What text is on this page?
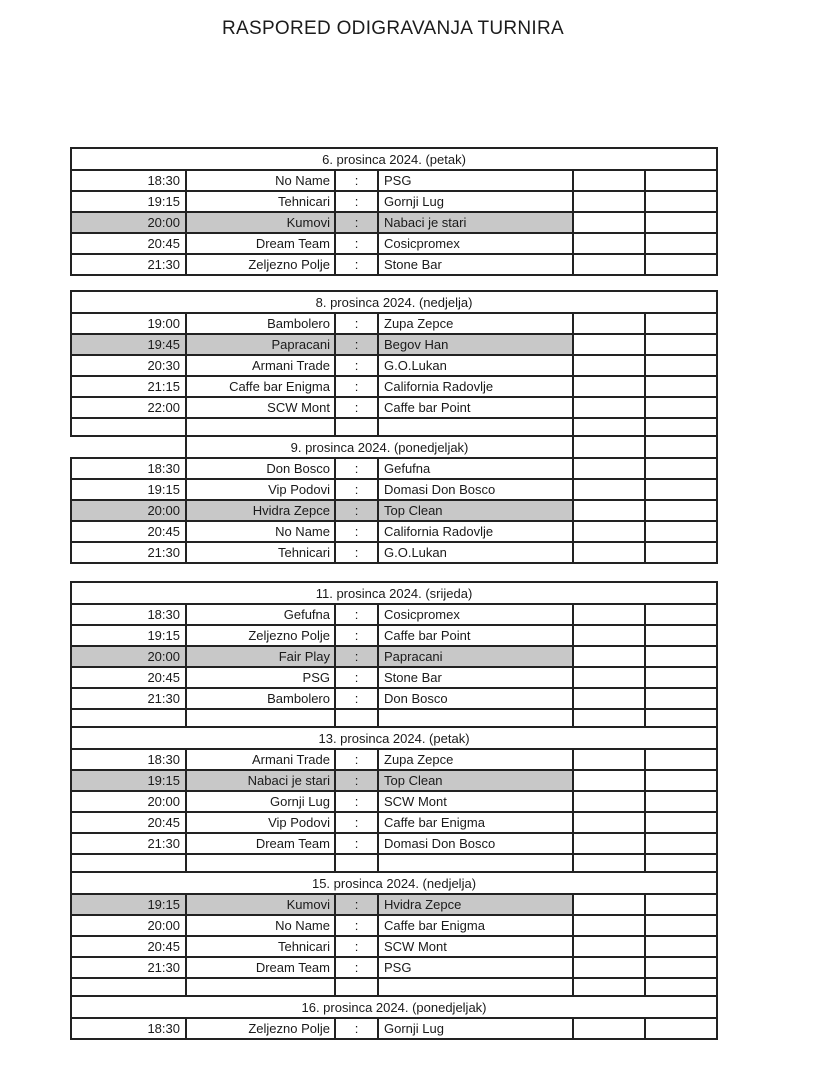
RASPORED ODIGRAVANJA TURNIRA
6. prosinca 2024. (petak)					
18:30	No Name	:	PSG		
19:15	Tehnicari	:	Gornji Lug		
20:00	Kumovi	:	Nabaci je stari		
20:45	Dream Team	:	Cosicpromex		
21:30	Zeljezno Polje	:	Stone Bar		
8. prosinca 2024. (nedjelja)					
19:00	Bambolero	:	Zupa Zepce		
19:45	Papracani	:	Begov Han		
20:30	Armani Trade	:	G.O.Lukan		
21:15	Caffe bar Enigma	:	California Radovlje		
22:00	SCW Mont	:	Caffe bar Point		

	9. prosinca 2024. (ponedjeljak)				
18:30	Don Bosco	:	Gefufna		
19:15	Vip Podovi	:	Domasi Don Bosco		
20:00	Hvidra Zepce	:	Top Clean		
20:45	No Name	:	California Radovlje		
21:30	Tehnicari	:	G.O.Lukan		
11. prosinca 2024. (srijeda)					
18:30	Gefufna	:	Cosicpromex		
19:15	Zeljezno Polje	:	Caffe bar Point		
20:00	Fair Play	:	Papracani		
20:45	PSG	:	Stone Bar		
21:30	Bambolero	:	Don Bosco		

13. prosinca 2024. (petak)					
18:30	Armani Trade	:	Zupa Zepce		
19:15	Nabaci je stari	:	Top Clean		
20:00	Gornji Lug	:	SCW Mont		
20:45	Vip Podovi	:	Caffe bar Enigma		
21:30	Dream Team	:	Domasi Don Bosco		

15. prosinca 2024. (nedjelja)					
19:15	Kumovi	:	Hvidra Zepce		
20:00	No Name	:	Caffe bar Enigma		
20:45	Tehnicari	:	SCW Mont		
21:30	Dream Team	:	PSG		

16. prosinca 2024. (ponedjeljak)					
18:30	Zeljezno Polje	:	Gornji Lug		
